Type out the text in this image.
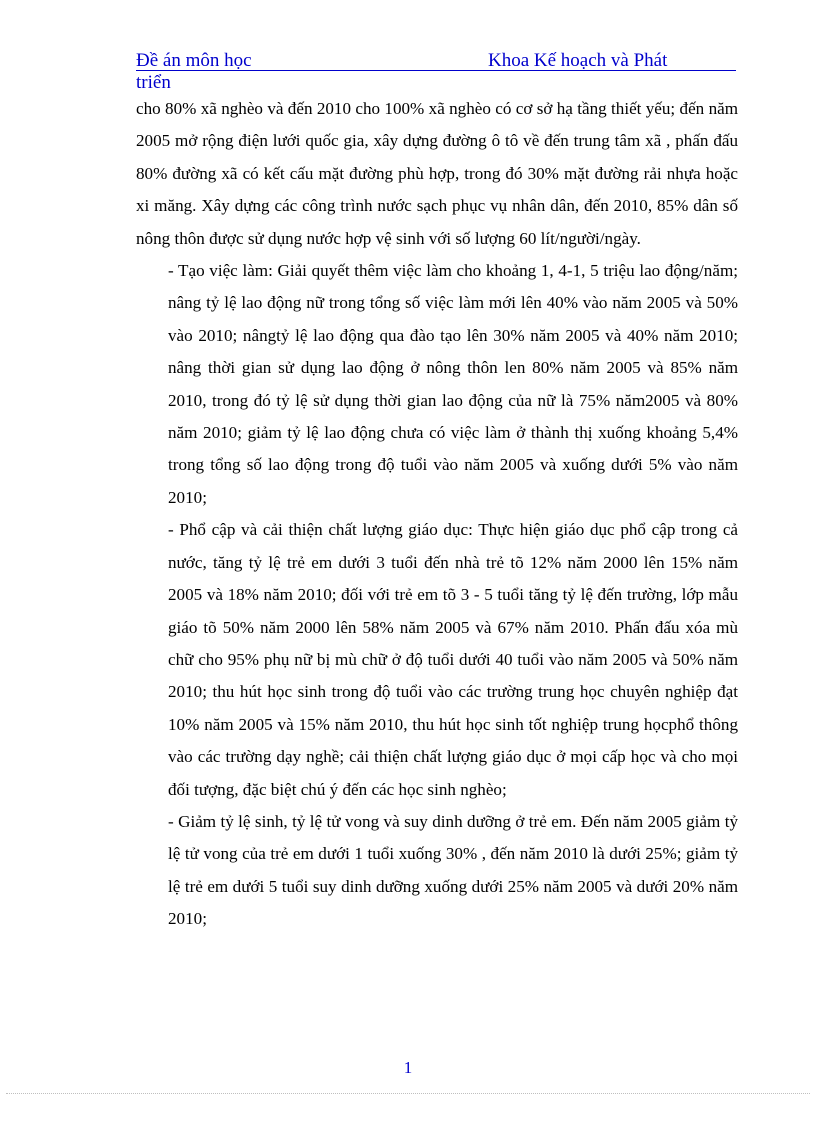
Đề án môn học	Khoa Kế hoạch và Phát
triển

cho 80% xã nghèo và đến 2010 cho 100% xã nghèo có cơ sở hạ tầng thiết yếu; đến năm 2005 mở rộng điện lưới quốc gia, xây dựng đường ô tô về đến trung tâm xã , phấn đấu 80% đường xã có kết cấu mặt đường phù hợp, trong đó 30% mặt đường rải nhựa hoặc xi măng. Xây dựng các công trình nước sạch phục vụ nhân dân, đến 2010, 85% dân số nông thôn được sử dụng nước hợp vệ sinh với số lượng 60 lít/người/ngày.

- Tạo việc làm: Giải quyết thêm việc làm cho khoảng 1, 4-1, 5 triệu lao động/năm; nâng tỷ lệ lao động nữ trong tổng số việc làm mới lên 40% vào năm 2005 và 50% vào 2010; nângtỷ lệ lao động qua đào tạo lên 30% năm 2005 và 40% năm 2010; nâng thời gian sử dụng lao động ở nông thôn len 80% năm 2005 và 85% năm 2010, trong đó tỷ lệ sử dụng thời gian lao động của nữ là 75% năm2005 và 80% năm 2010; giảm tỷ lệ lao động chưa có việc làm ở thành thị xuống khoảng 5,4% trong tổng số lao động trong độ tuổi vào năm 2005 và xuống dưới 5% vào năm 2010;

- Phổ cập và cải thiện chất lượng giáo dục: Thực hiện giáo dục phổ cập trong cả nước, tăng tỷ lệ trẻ em dưới 3 tuổi đến nhà trẻ tõ 12% năm 2000 lên 15% năm 2005 và 18% năm 2010; đối với trẻ em tõ 3 - 5 tuổi tăng tỷ lệ đến trường, lớp mẫu giáo tõ 50% năm 2000 lên 58% năm 2005 và 67% năm 2010. Phấn đấu xóa mù chữ cho 95% phụ nữ bị mù chữ ở độ tuổi dưới 40 tuổi vào năm 2005 và 50% năm 2010; thu hút học sinh trong độ tuổi vào các trường trung học chuyên nghiệp đạt 10% năm 2005 và 15% năm 2010, thu hút học sinh tốt nghiệp trung họcphổ thông vào các trường dạy nghề; cải thiện chất lượng giáo dục ở mọi cấp học và cho mọi đối tượng, đặc biệt chú ý đến các học sinh nghèo;

- Giảm tỷ lệ sinh, tỷ lệ tử vong và suy dinh dưỡng ở trẻ em. Đến năm 2005 giảm tỷ lệ tử vong của trẻ em dưới 1 tuổi xuống 30% , đến năm 2010 là dưới 25%; giảm tỷ lệ trẻ em dưới 5 tuổi suy dinh dưỡng xuống dưới 25% năm 2005 và dưới 20% năm 2010;

1
